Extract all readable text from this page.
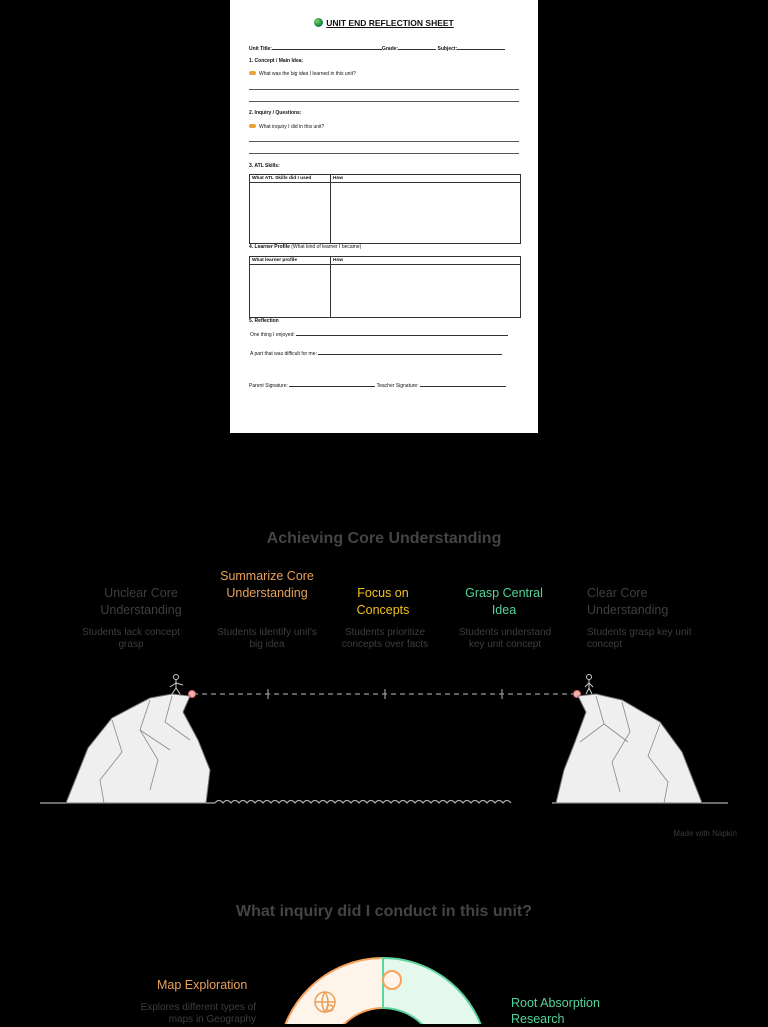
UNIT END REFLECTION SHEET
Unit Title:	Grade:	Subject:
1. Concept / Main Idea:
What was the big idea I learned in this unit?
2. Inquiry / Questions:
What inquiry I did in this unit?
3. ATL Skills:
What ATL Skills did I used	How
4. Learner Profile (What kind of learner I became)
What learner profile	How
5. Reflection
One thing I enjoyed:
A part that was difficult for me:
Parent Signature:	Teacher Signature:
Achieving Core Understanding
Unclear Core Understanding
Students lack concept grasp
Summarize Core Understanding
Students identify unit's big idea
Focus on Concepts
Students prioritize concepts over facts
Grasp Central Idea
Students understand key unit concept
Clear Core Understanding
Students grasp key unit concept
Made with Napkin
What inquiry did I conduct in this unit?
Map Exploration
Explores different types of maps in Geography
Root Absorption Research
